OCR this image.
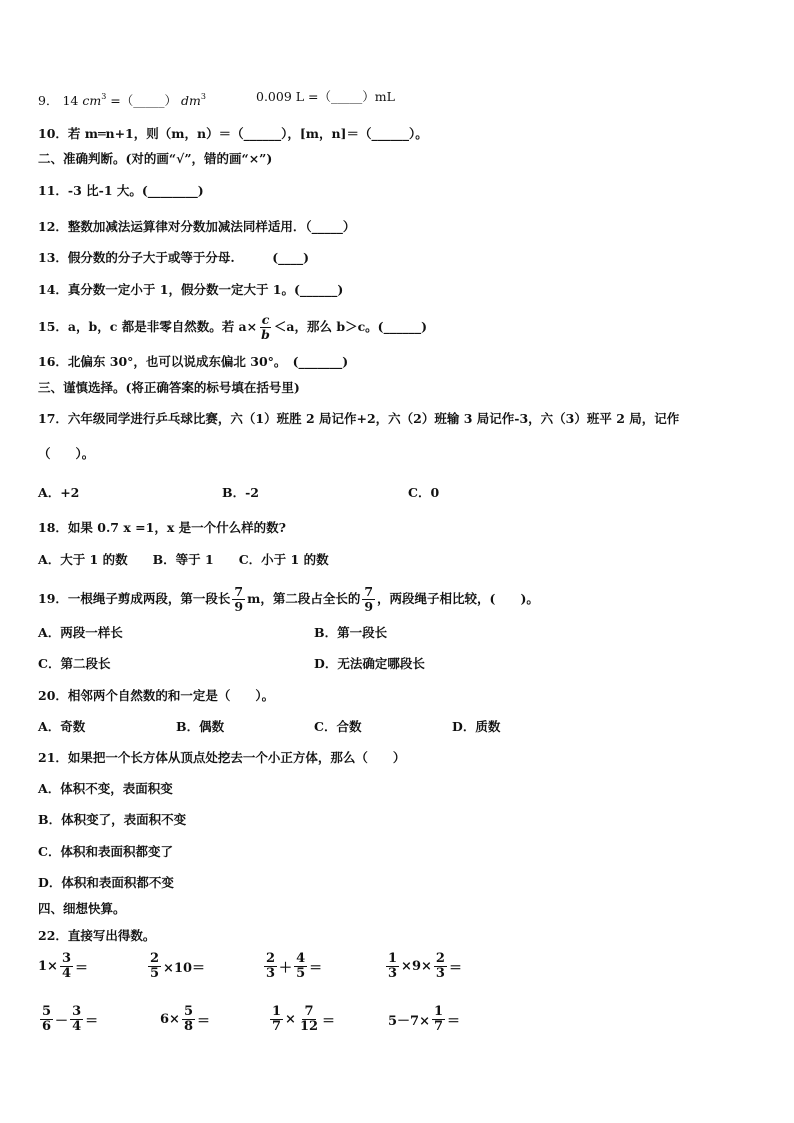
9． 14 $cm^3$ =（_____） $dm^3$	0.009 L =（_____）mL
10．若 m═n+1，则（m，n）＝（______），[m，n]＝（______）。
二、准确判断。(对的画“√”，错的画“×”)
11．-3 比-1 大。(________)
12．整数加减法运算律对分数加减法同样适用．（_____）
13．假分数的分子大于或等于分母.　　　(____)
14．真分数一定小于 1，假分数一定大于 1。(______)
15．a，b，c 都是非零自然数。若 $a\times \frac{c}{b} <a$，那么 b＞c。(______)
16．北偏东 30°，也可以说成东偏北 30°。　(_______)
三、谨慎选择。(将正确答案的标号填在括号里)
17．六年级同学进行乒乓球比赛，六（1）班胜 2 局记作+2，六（2）班输 3 局记作-3，六（3）班平 2 局，记作
（　　）。
A．+2	B．-2	C．0
18．如果 0.7 x =1，x 是一个什么样的数?
A．大于 1 的数　　B．等于 1　　C．小于 1 的数
19．一根绳子剪成两段，第一段长 $\frac{7}{9}$ m，第二段占全长的 $\frac{7}{9}$ ，两段绳子相比较，(　　)。
A．两段一样长	B．第一段长
C．第二段长	D．无法确定哪段长
20．相邻两个自然数的和一定是（　　）。
A．奇数	B．偶数	C．合数	D．质数
21．如果把一个长方体从顶点处挖去一个小正方体，那么（　　）
A．体积不变，表面积变
B．体积变了，表面积不变
C．体积和表面积都变了
D．体积和表面积都不变
四、细想快算。
22．直接写出得数。
$1\times \frac{3}{4}$ ＝	$\frac{2}{5} \times 10=$	$\frac{2}{3} + \frac{4}{5}$ ＝	$\frac{1}{3} \times 9\times \frac{2}{3}$ ＝
$\frac{5}{6} - \frac{3}{4}$ ＝	$6\times \frac{5}{8}$ ＝	$\frac{1}{7} \times \frac{7}{12}$ ＝	$5-7\times \frac{1}{7}$ ＝
